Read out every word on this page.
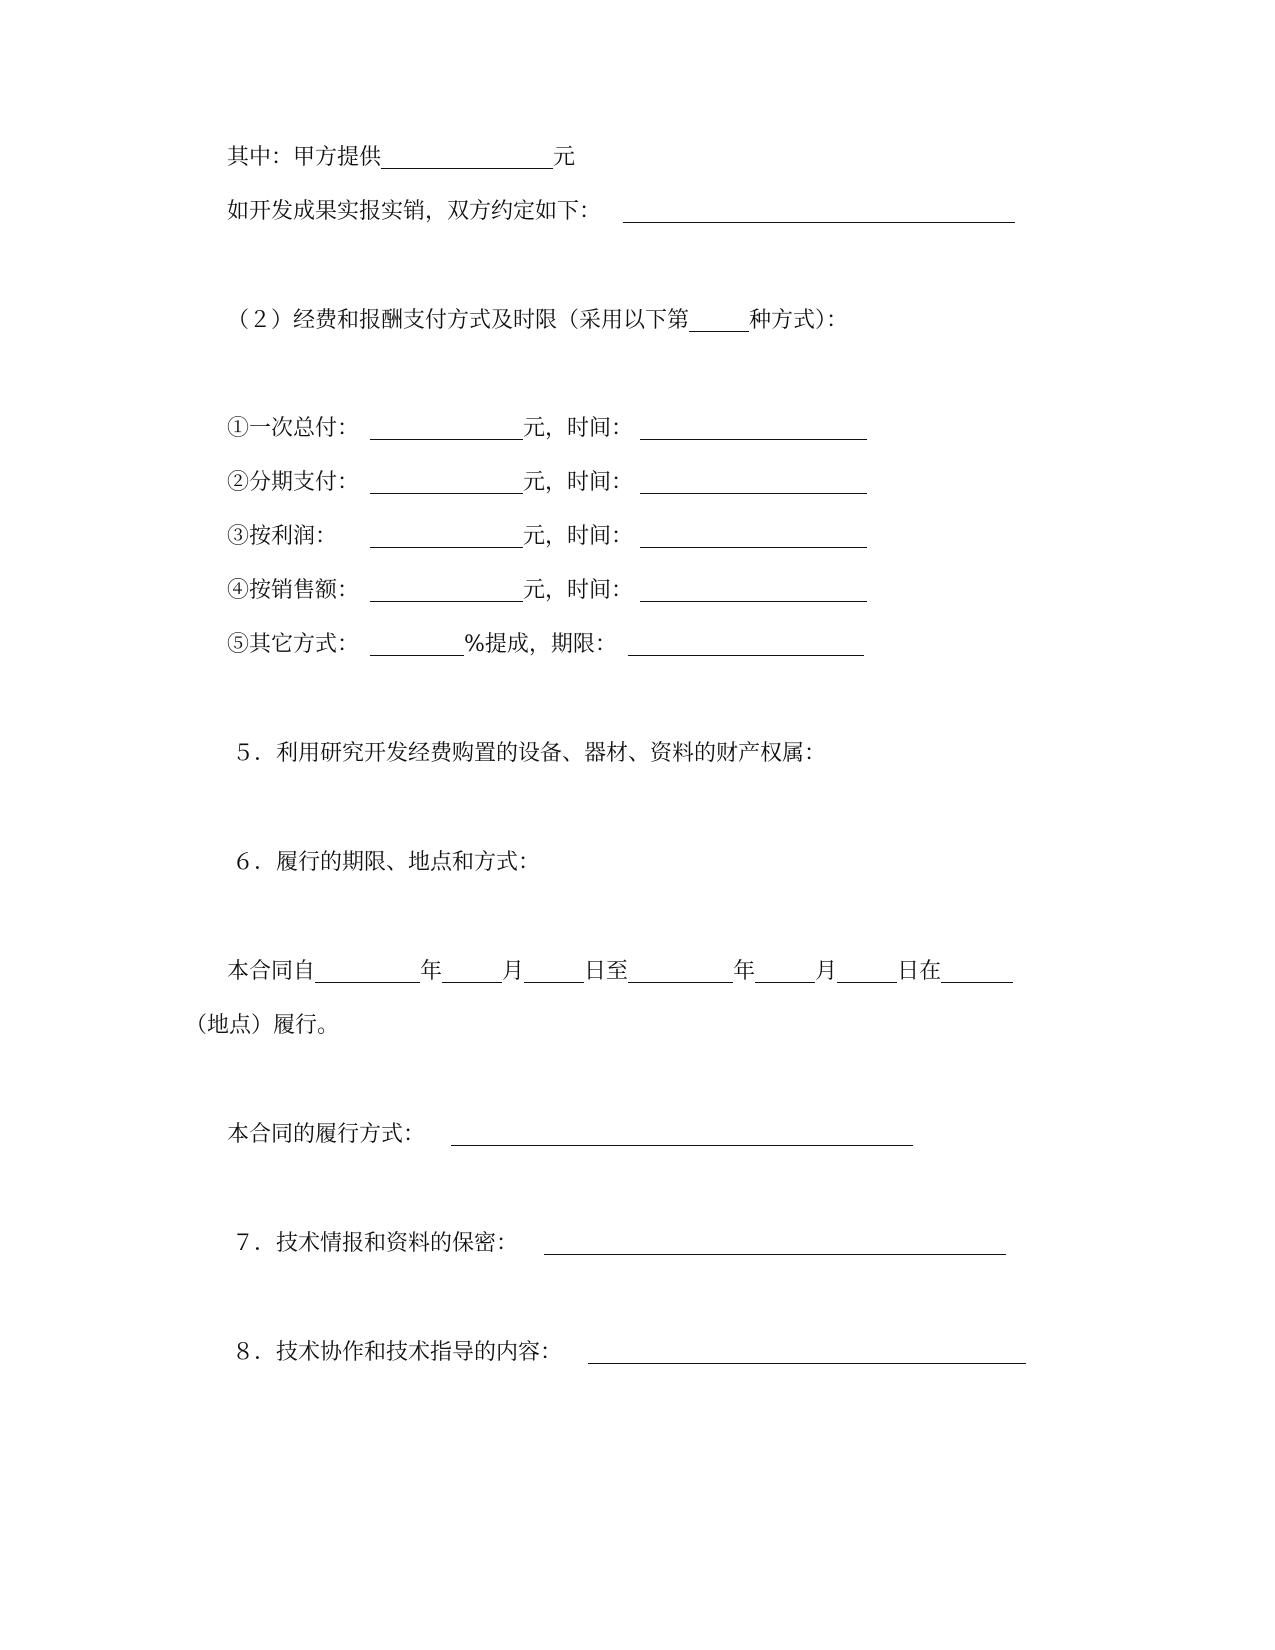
其中：甲方提供	元
如开发成果实报实销，双方约定如下：
（２）经费和报酬支付方式及时限（采用以下第	种方式）：
①一次总付：	元，时间：
②分期支付：	元，时间：
③按利润：	元，时间：
④按销售额：	元，时间：
⑤其它方式：	%提成，期限：
５．利用研究开发经费购置的设备、器材、资料的财产权属：
６．履行的期限、地点和方式：
本合同自	年	月	日至	年	月	日在
（地点）履行。
本合同的履行方式：
７．技术情报和资料的保密：
８．技术协作和技术指导的内容：
